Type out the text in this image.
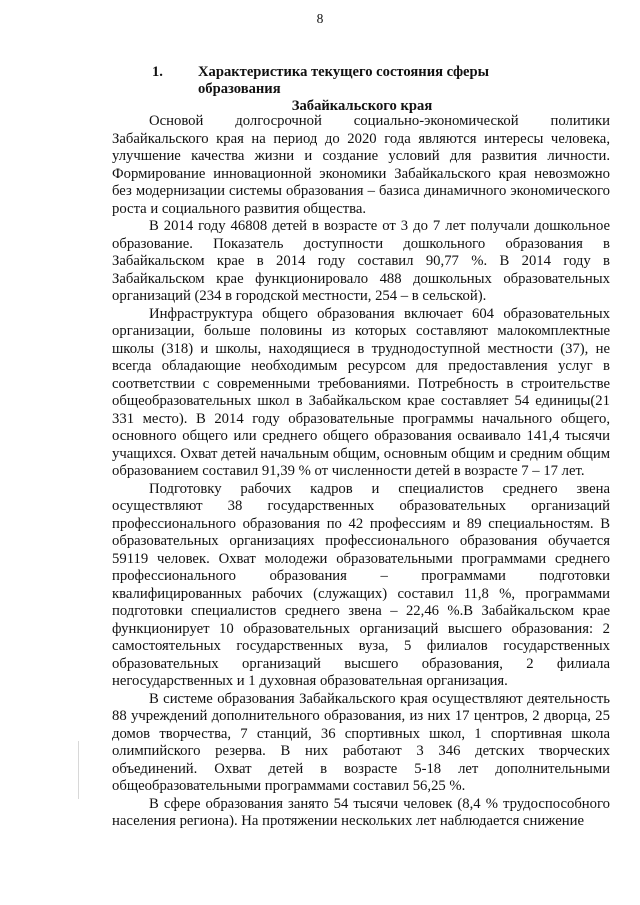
8
1. Характеристика текущего состояния сферы образования
Забайкальского края

Основой долгосрочной социально-экономической политики Забайкальского края на период до 2020 года являются интересы человека, улучшение качества жизни и создание условий для развития личности. Формирование инновационной экономики Забайкальского края невозможно без модернизации системы образования – базиса динамичного экономического роста и социального развития общества.

В 2014 году 46808 детей в возрасте от 3 до 7 лет получали дошкольное образование. Показатель доступности дошкольного образования в Забайкальском крае в 2014 году составил 90,77 %. В 2014 году в Забайкальском крае функционировало 488 дошкольных образовательных организаций (234 в городской местности, 254 – в сельской).

Инфраструктура общего образования включает 604 образовательных организации, больше половины из которых составляют малокомплектные школы (318) и школы, находящиеся в труднодоступной местности (37), не всегда обладающие необходимым ресурсом для предоставления услуг в соответствии с современными требованиями. Потребность в строительстве общеобразовательных школ в Забайкальском крае составляет 54 единицы(21 331 место). В 2014 году образовательные программы начального общего, основного общего или среднего общего образования осваивало 141,4 тысячи учащихся. Охват детей начальным общим, основным общим и средним общим образованием составил 91,39 % от численности детей в возрасте 7 – 17 лет.

Подготовку рабочих кадров и специалистов среднего звена осуществляют 38 государственных образовательных организаций профессионального образования по 42 профессиям и 89 специальностям. В образовательных организациях профессионального образования обучается 59119 человек. Охват молодежи образовательными программами среднего профессионального образования – программами подготовки квалифицированных рабочих (служащих) составил 11,8 %, программами подготовки специалистов среднего звена – 22,46 %.В Забайкальском крае функционирует 10 образовательных организаций высшего образования: 2 самостоятельных государственных вуза, 5 филиалов государственных образовательных организаций высшего образования, 2 филиала негосударственных и 1 духовная образовательная организация.

В системе образования Забайкальского края осуществляют деятельность 88 учреждений дополнительного образования, из них 17 центров, 2 дворца, 25 домов творчества, 7 станций, 36 спортивных школ, 1 спортивная школа олимпийского резерва. В них работают 3 346 детских творческих объединений. Охват детей в возрасте 5-18 лет дополнительными общеобразовательными программами составил 56,25 %.

В сфере образования занято 54 тысячи человек (8,4 % трудоспособного населения региона). На протяжении нескольких лет наблюдается снижение
